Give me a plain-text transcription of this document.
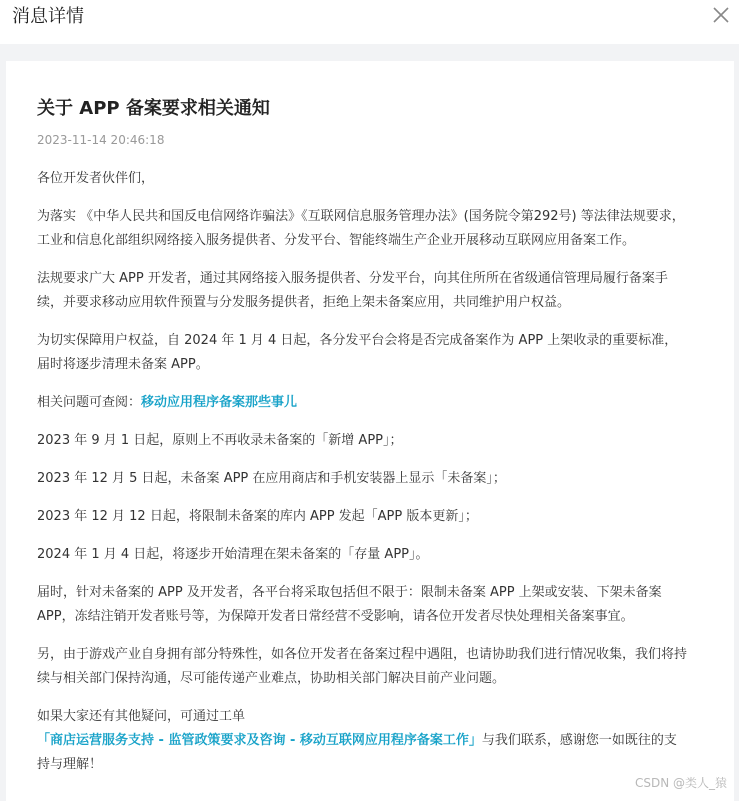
消息详情
关于 APP 备案要求相关通知
2023-11-14 20:46:18

各位开发者伙伴们，

为落实 《中华人民共和国反电信网络诈骗法》《互联网信息服务管理办法》(国务院令第292号) 等法律法规要求，工业和信息化部组织网络接入服务提供者、分发平台、智能终端生产企业开展移动互联网应用备案工作。

法规要求广大 APP 开发者，通过其网络接入服务提供者、分发平台，向其住所所在省级通信管理局履行备案手续，并要求移动应用软件预置与分发服务提供者，拒绝上架未备案应用，共同维护用户权益。

为切实保障用户权益，自 2024 年 1 月 4 日起，各分发平台会将是否完成备案作为 APP 上架收录的重要标准，届时将逐步清理未备案 APP。

相关问题可查阅：移动应用程序备案那些事儿

2023 年 9 月 1 日起，原则上不再收录未备案的「新增 APP」；

2023 年 12 月 5 日起，未备案 APP 在应用商店和手机安装器上显示「未备案」；

2023 年 12 月 12 日起，将限制未备案的库内 APP 发起「APP 版本更新」；

2024 年 1 月 4 日起，将逐步开始清理在架未备案的「存量 APP」。

届时，针对未备案的 APP 及开发者，各平台将采取包括但不限于：限制未备案 APP 上架或安装、下架未备案 APP，冻结注销开发者账号等，为保障开发者日常经营不受影响，请各位开发者尽快处理相关备案事宜。

另，由于游戏产业自身拥有部分特殊性，如各位开发者在备案过程中遇阻，也请协助我们进行情况收集，我们将持续与相关部门保持沟通，尽可能传递产业难点，协助相关部门解决目前产业问题。

如果大家还有其他疑问，可通过工单「商店运营服务支持 - 监管政策要求及咨询 - 移动互联网应用程序备案工作」与我们联系，感谢您一如既往的支持与理解！

CSDN @类人_猿
